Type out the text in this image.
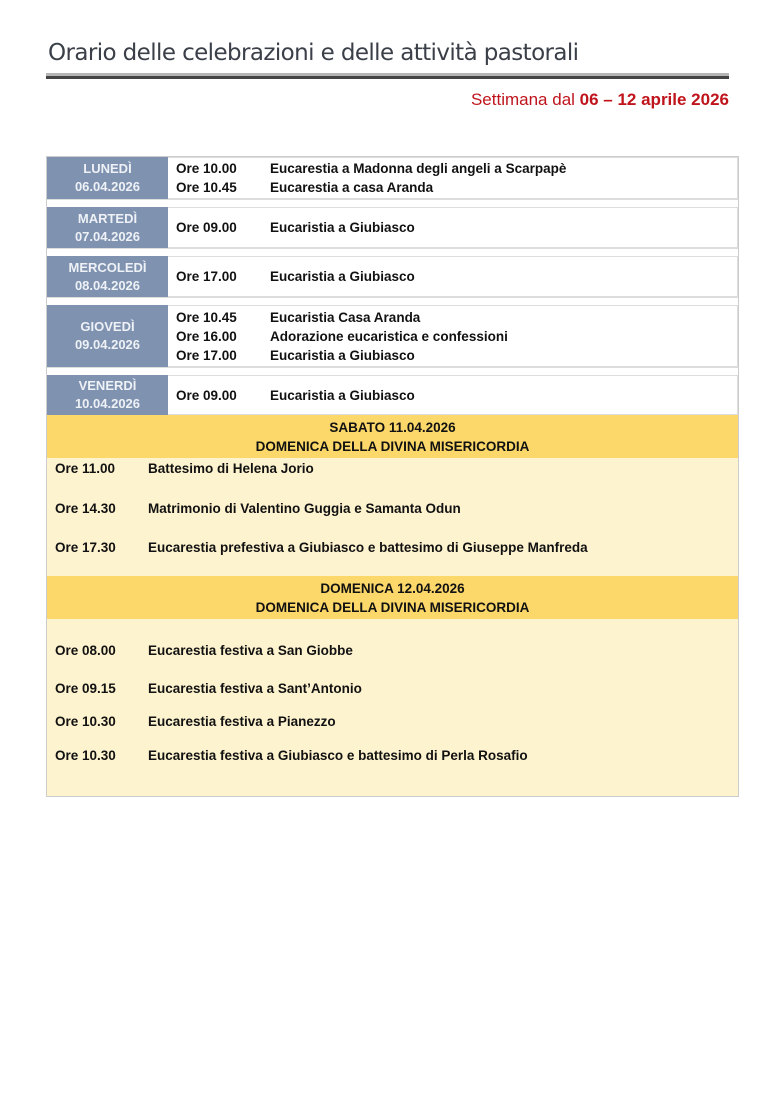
Orario delle celebrazioni e delle attività pastorali
Settimana dal 06 – 12 aprile 2026
LUNEDÌ
06.04.2026
Ore 10.00	Eucarestia a Madonna degli angeli a Scarpapè
Ore 10.45	Eucarestia a casa Aranda
MARTEDÌ
07.04.2026
Ore 09.00	Eucaristia a Giubiasco
MERCOLEDÌ
08.04.2026
Ore 17.00	Eucaristia a Giubiasco
GIOVEDÌ
09.04.2026
Ore 10.45	Eucaristia Casa Aranda
Ore 16.00	Adorazione eucaristica e confessioni
Ore 17.00	Eucaristia a Giubiasco
VENERDÌ
10.04.2026
Ore 09.00	Eucaristia a Giubiasco
SABATO 11.04.2026
DOMENICA DELLA DIVINA MISERICORDIA
Ore 11.00	Battesimo di Helena Jorio
Ore 14.30	Matrimonio di Valentino Guggia e Samanta Odun
Ore 17.30	Eucarestia prefestiva a Giubiasco e battesimo di Giuseppe Manfreda
DOMENICA 12.04.2026
DOMENICA DELLA DIVINA MISERICORDIA
Ore 08.00	Eucarestia festiva a San Giobbe
Ore 09.15	Eucarestia festiva a Sant’Antonio
Ore 10.30	Eucarestia festiva a Pianezzo
Ore 10.30	Eucarestia festiva a Giubiasco e battesimo di Perla Rosafio
